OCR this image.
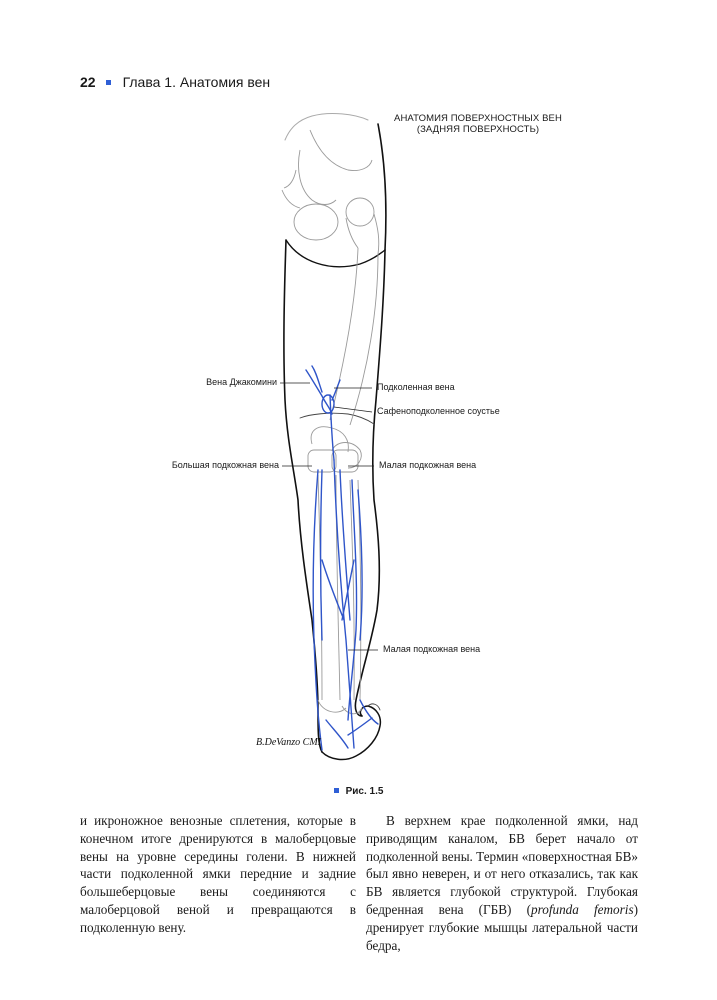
22 Глава 1. Анатомия вен
АНАТОМИЯ ПОВЕРХНОСТНЫХ ВЕН
(ЗАДНЯЯ ПОВЕРХНОСТЬ)
B.DeVanzo CMI
Вена Джакомини	Подколенная вена
Сафеноподколенное соустье
Большая подкожная вена	Малая подкожная вена
Малая подкожная вена
Рис. 1.5
и икроножное венозные сплетения, которые в конечном итоге дренируются в малоберцовые вены на уровне середины голени. В нижней части подколенной ямки передние и задние большеберцовые вены соединяются с малоберцовой веной и превращаются в подколенную вену.
В верхнем крае подколенной ямки, над приводящим каналом, БВ берет начало от подколенной вены. Термин «поверхностная БВ» был явно неверен, и от него отказались, так как БВ является глубокой структурой. Глубокая бедренная вена (ГБВ) (profunda femoris) дренирует глубокие мышцы латеральной части бедра,
